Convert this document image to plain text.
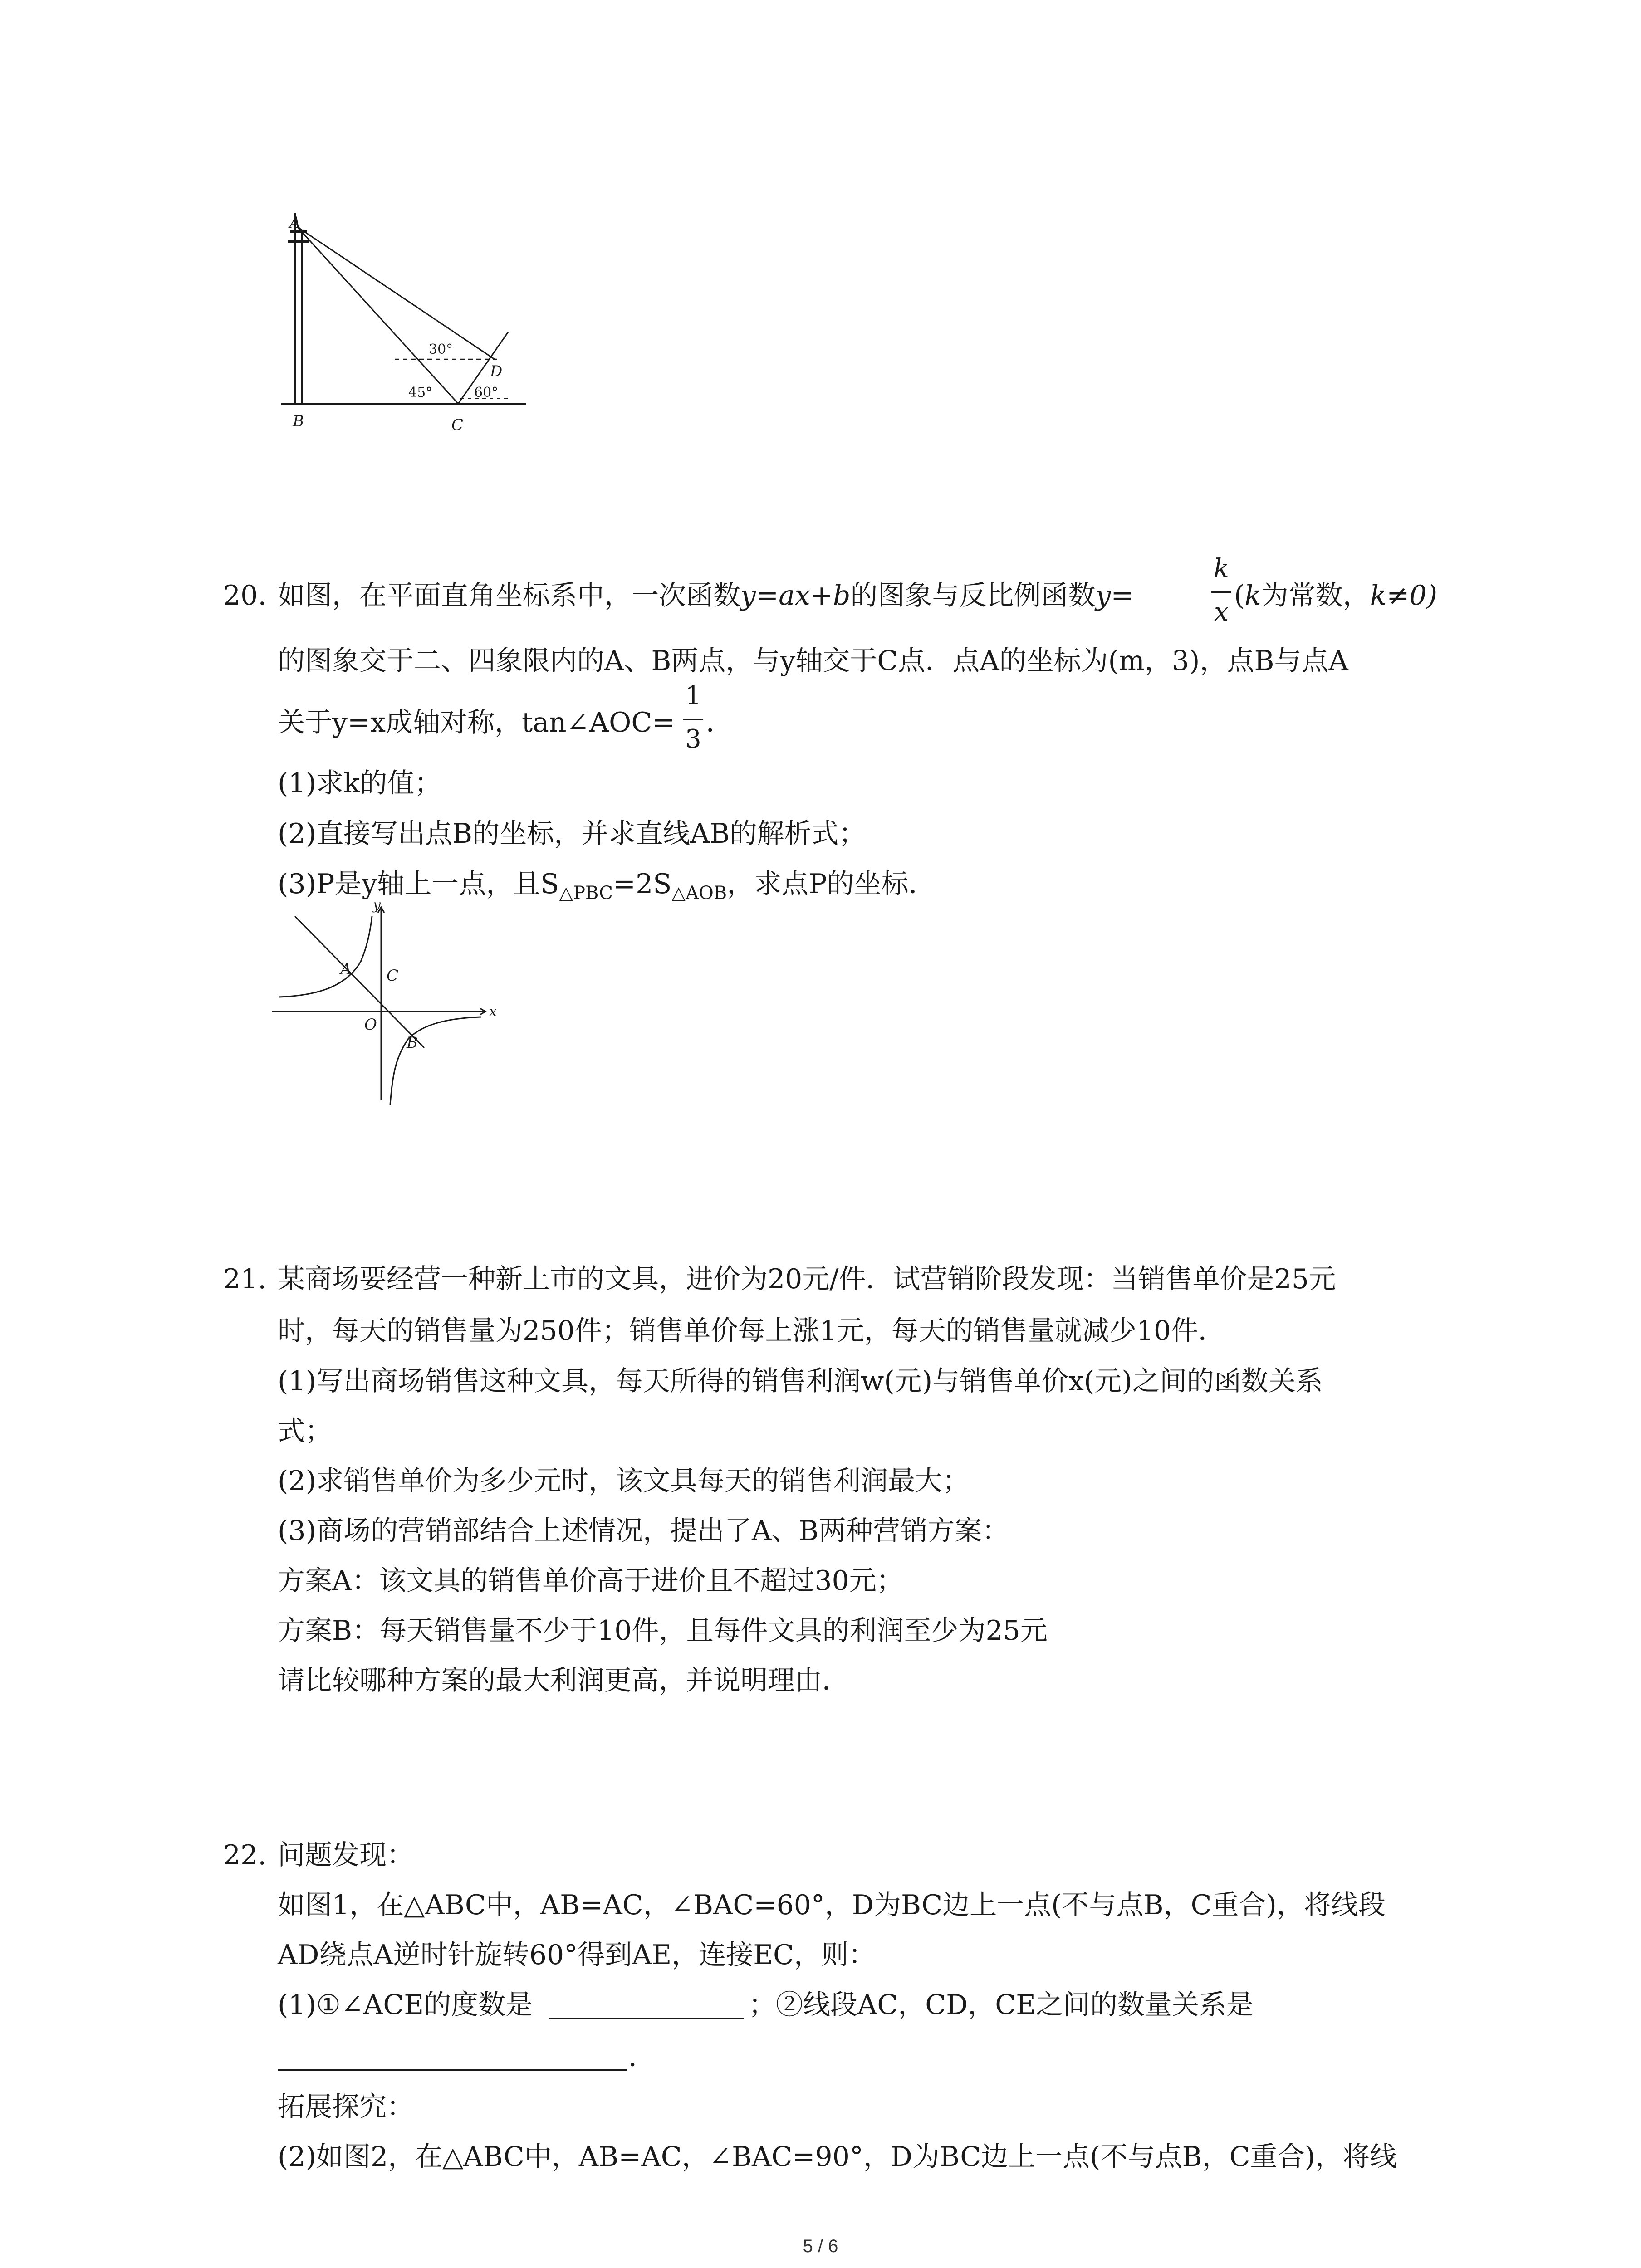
A
B	C
D
30°
45°	60°
20. 如图，在平面直角坐标系中，一次函数y=ax+b的图象与反比例函数y=
k
x
(k为常数，k≠0)
的图象交于二、四象限内的A、B两点，与y轴交于C点．点A的坐标为(m，3)，点B与点A
关于y=x成轴对称，tan∠AOC=
1
3
．
(1)求k的值；
(2)直接写出点B的坐标，并求直线AB的解析式；
(3)P是y轴上一点，且$S_{\triangle PBC}=2S_{\triangle AOB}$，求点P的坐标．
y
x
A C
O
B
21. 某商场要经营一种新上市的文具，进价为20元/件．试营销阶段发现：当销售单价是25元
时，每天的销售量为250件；销售单价每上涨1元，每天的销售量就减少10件．
(1)写出商场销售这种文具，每天所得的销售利润w(元)与销售单价x(元)之间的函数关系
式；
(2)求销售单价为多少元时，该文具每天的销售利润最大；
(3)商场的营销部结合上述情况，提出了A、B两种营销方案：
方案A：该文具的销售单价高于进价且不超过30元；
方案B：每天销售量不少于10件，且每件文具的利润至少为25元
请比较哪种方案的最大利润更高，并说明理由．
22. 问题发现：
如图1，在△ABC中，AB=AC，∠BAC=60°，D为BC边上一点(不与点B，C重合)，将线段
AD绕点A逆时针旋转60°得到AE，连接EC，则：
(1)①∠ACE的度数是	；②线段AC，CD，CE之间的数量关系是
．
拓展探究：
(2)如图2，在△ABC中，AB=AC，∠BAC=90°，D为BC边上一点(不与点B，C重合)，将线
5 / 6
